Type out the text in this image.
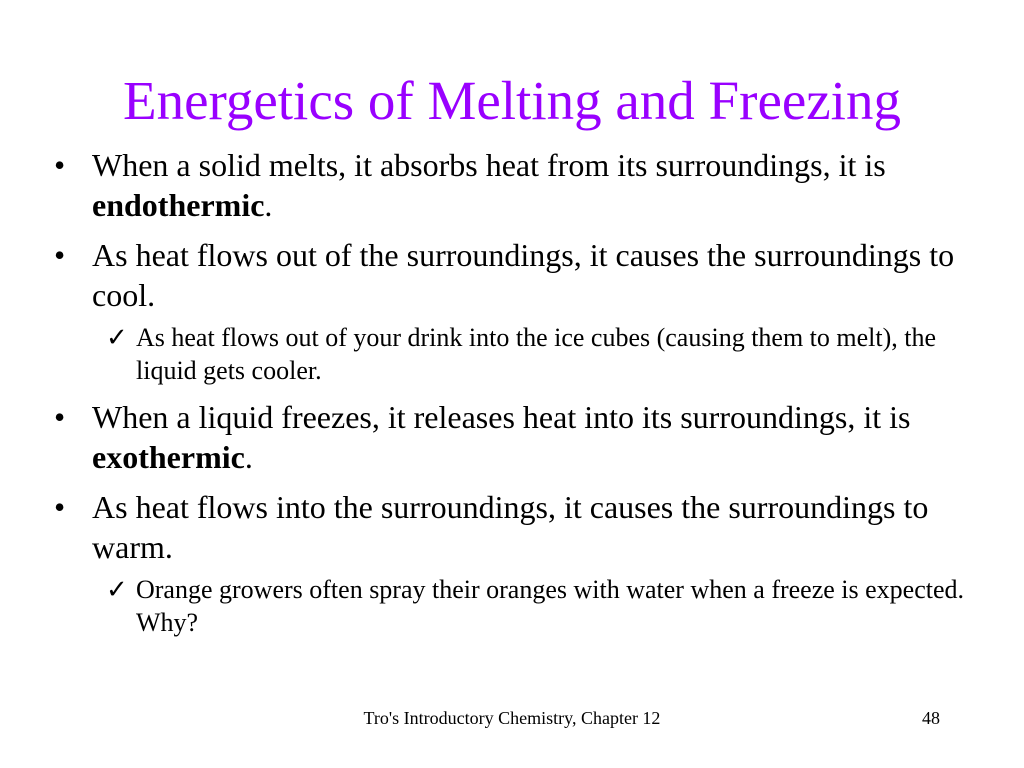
Energetics of Melting and Freezing
• When a solid melts, it absorbs heat from its surroundings, it is endothermic.
• As heat flows out of the surroundings, it causes the surroundings to cool.
✓ As heat flows out of your drink into the ice cubes (causing them to melt), the liquid gets cooler.
• When a liquid freezes, it releases heat into its surroundings, it is exothermic.
• As heat flows into the surroundings, it causes the surroundings to warm.
✓ Orange growers often spray their oranges with water when a freeze is expected. Why?
Tro's Introductory Chemistry, Chapter 12	48
